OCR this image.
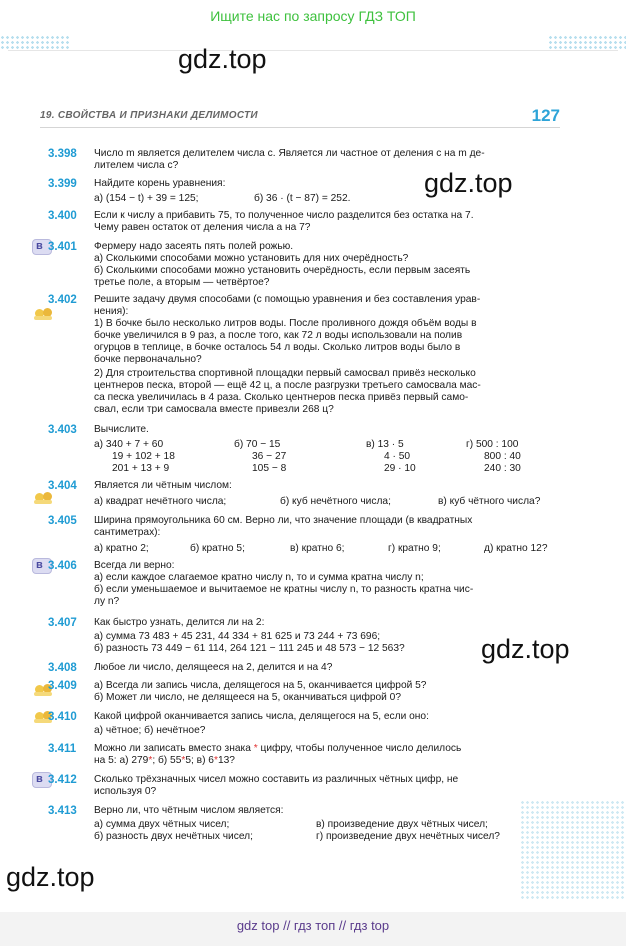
Ищите нас по запросу ГДЗ ТОП
gdz.top
gdz.top
gdz.top
gdz.top
19. СВОЙСТВА И ПРИЗНАКИ ДЕЛИМОСТИ	127
3.398 Число m является делителем числа c. Является ли частное от деления c на m де-
лителем числа c?
3.399 Найдите корень уравнения:
а) (154 − t) + 39 = 125;	б) 36 · (t − 87) = 252.
3.400 Если к числу a прибавить 75, то полученное число разделится без остатка на 7.
Чему равен остаток от деления числа a на 7?
в 3.401 Фермеру надо засеять пять полей рожью.
а) Сколькими способами можно установить для них очерёдность?
б) Сколькими способами можно установить очерёдность, если первым засеять
третье поле, а вторым — четвёртое?
3.402 Решите задачу двумя способами (с помощью уравнения и без составления урав-
нения):
1) В бочке было несколько литров воды. После проливного дождя объём воды в
бочке увеличился в 9 раз, а после того, как 72 л воды использовали на полив
огурцов в теплице, в бочке осталось 54 л воды. Сколько литров воды было в
бочке первоначально?
2) Для строительства спортивной площадки первый самосвал привёз несколько
центнеров песка, второй — ещё 42 ц, а после разгрузки третьего самосвала мас-
са песка увеличилась в 4 раза. Сколько центнеров песка привёз первый само-
свал, если три самосвала вместе привезли 268 ц?
3.403 Вычислите.
а) 340 + 7 + 60	б) 70 − 15	в) 13 · 5	г) 500 : 100
19 + 102 + 18	36 − 27	4 · 50	800 : 40
201 + 13 + 9	105 − 8	29 · 10	240 : 30
3.404 Является ли чётным числом:
а) квадрат нечётного числа;	б) куб нечётного числа;	в) куб чётного числа?
3.405 Ширина прямоугольника 60 см. Верно ли, что значение площади (в квадратных
сантиметрах):
а) кратно 2;	б) кратно 5;	в) кратно 6;	г) кратно 9;	д) кратно 12?
в 3.406 Всегда ли верно:
а) если каждое слагаемое кратно числу n, то и сумма кратна числу n;
б) если уменьшаемое и вычитаемое не кратны числу n, то разность кратна чис-
лу n?
3.407 Как быстро узнать, делится ли на 2:
а) сумма 73 483 + 45 231, 44 334 + 81 625 и 73 244 + 73 696;
б) разность 73 449 − 61 114, 264 121 − 111 245 и 48 573 − 12 563?
3.408 Любое ли число, делящееся на 2, делится и на 4?
3.409 а) Всегда ли запись числа, делящегося на 5, оканчивается цифрой 5?
б) Может ли число, не делящееся на 5, оканчиваться цифрой 0?
3.410 Какой цифрой оканчивается запись числа, делящегося на 5, если оно:
а) чётное; б) нечётное?
3.411 Можно ли записать вместо знака * цифру, чтобы полученное число делилось
на 5: а) 279*; б) 55*5; в) 6*13?
в 3.412 Сколько трёхзначных чисел можно составить из различных чётных цифр, не
используя 0?
3.413 Верно ли, что чётным числом является:
а) сумма двух чётных чисел;	в) произведение двух чётных чисел;
б) разность двух нечётных чисел;	г) произведение двух нечётных чисел?
gdz top // гдз топ // гдз top
